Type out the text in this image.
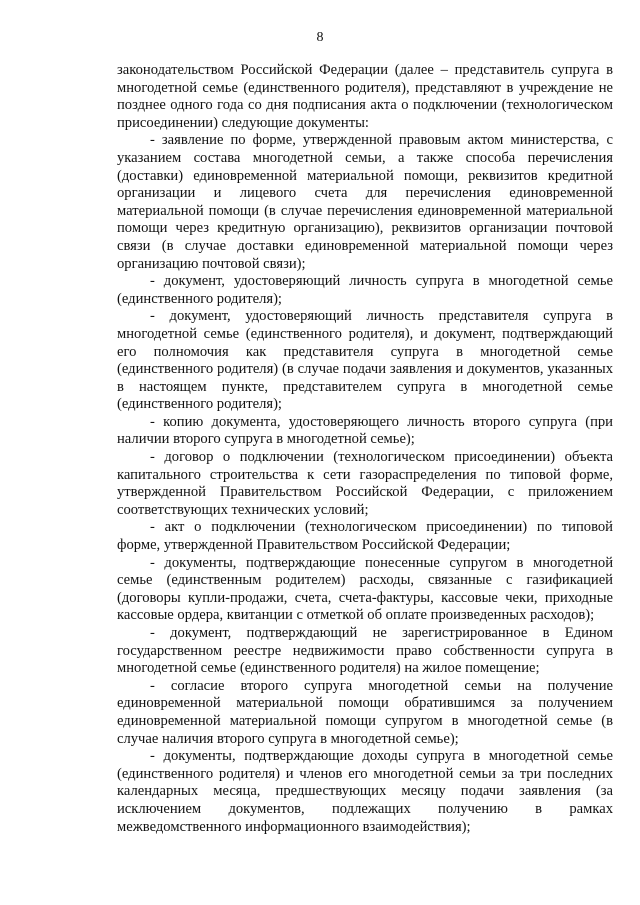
8

законодательством Российской Федерации (далее – представитель супруга в многодетной семье (единственного родителя), представляют в учреждение не позднее одного года со дня подписания акта о подключении (технологическом присоединении) следующие документы:

- заявление по форме, утвержденной правовым актом министерства, с указанием состава многодетной семьи, а также способа перечисления (доставки) единовременной материальной помощи, реквизитов кредитной организации и лицевого счета для перечисления единовременной материальной помощи (в случае перечисления единовременной материальной помощи через кредитную организацию), реквизитов организации почтовой связи (в случае доставки единовременной материальной помощи через организацию почтовой связи);

- документ, удостоверяющий личность супруга в многодетной семье (единственного родителя);

- документ, удостоверяющий личность представителя супруга в многодетной семье (единственного родителя), и документ, подтверждающий его полномочия как представителя супруга в многодетной семье (единственного родителя) (в случае подачи заявления и документов, указанных в настоящем пункте, представителем супруга в многодетной семье (единственного родителя);

- копию документа, удостоверяющего личность второго супруга (при наличии второго супруга в многодетной семье);

- договор о подключении (технологическом присоединении) объекта капитального строительства к сети газораспределения по типовой форме, утвержденной Правительством Российской Федерации, с приложением соответствующих технических условий;

- акт о подключении (технологическом присоединении) по типовой форме, утвержденной Правительством Российской Федерации;

- документы, подтверждающие понесенные супругом в многодетной семье (единственным родителем) расходы, связанные с газификацией (договоры купли-продажи, счета, счета-фактуры, кассовые чеки, приходные кассовые ордера, квитанции с отметкой об оплате произведенных расходов);

- документ, подтверждающий не зарегистрированное в Едином государственном реестре недвижимости право собственности супруга в многодетной семье (единственного родителя) на жилое помещение;

- согласие второго супруга многодетной семьи на получение единовременной материальной помощи обратившимся за получением единовременной материальной помощи супругом в многодетной семье (в случае наличия второго супруга в многодетной семье);

- документы, подтверждающие доходы супруга в многодетной семье (единственного родителя) и членов его многодетной семьи за три последних календарных месяца, предшествующих месяцу подачи заявления (за исключением документов, подлежащих получению в рамках межведомственного информационного взаимодействия);
